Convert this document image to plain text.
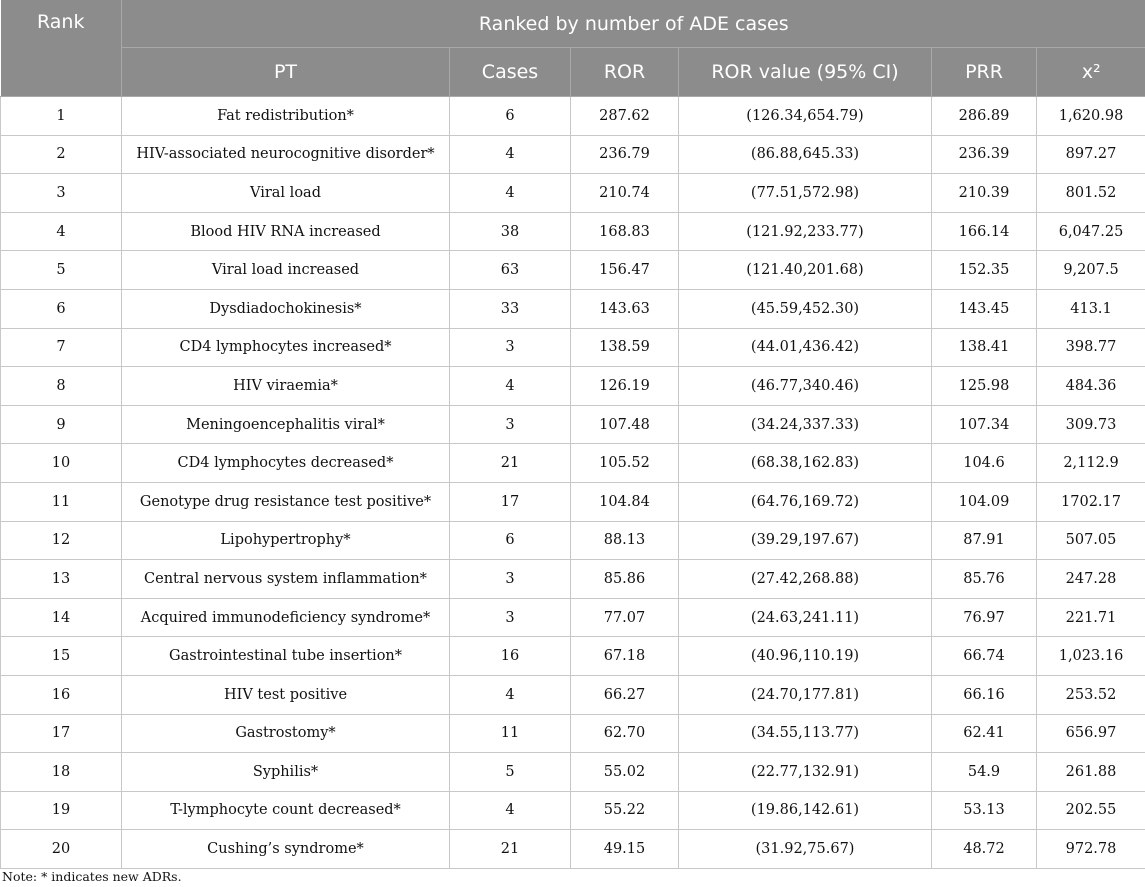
Rank	Ranked by number of ADE cases					
	PT	Cases	ROR	ROR value (95% CI)	PRR	x²
1	Fat redistribution*	6	287.62	(126.34,654.79)	286.89	1,620.98
2	HIV-associated neurocognitive disorder*	4	236.79	(86.88,645.33)	236.39	897.27
3	Viral load	4	210.74	(77.51,572.98)	210.39	801.52
4	Blood HIV RNA increased	38	168.83	(121.92,233.77)	166.14	6,047.25
5	Viral load increased	63	156.47	(121.40,201.68)	152.35	9,207.5
6	Dysdiadochokinesis*	33	143.63	(45.59,452.30)	143.45	413.1
7	CD4 lymphocytes increased*	3	138.59	(44.01,436.42)	138.41	398.77
8	HIV viraemia*	4	126.19	(46.77,340.46)	125.98	484.36
9	Meningoencephalitis viral*	3	107.48	(34.24,337.33)	107.34	309.73
10	CD4 lymphocytes decreased*	21	105.52	(68.38,162.83)	104.6	2,112.9
11	Genotype drug resistance test positive*	17	104.84	(64.76,169.72)	104.09	1702.17
12	Lipohypertrophy*	6	88.13	(39.29,197.67)	87.91	507.05
13	Central nervous system inflammation*	3	85.86	(27.42,268.88)	85.76	247.28
14	Acquired immunodeficiency syndrome*	3	77.07	(24.63,241.11)	76.97	221.71
15	Gastrointestinal tube insertion*	16	67.18	(40.96,110.19)	66.74	1,023.16
16	HIV test positive	4	66.27	(24.70,177.81)	66.16	253.52
17	Gastrostomy*	11	62.70	(34.55,113.77)	62.41	656.97
18	Syphilis*	5	55.02	(22.77,132.91)	54.9	261.88
19	T-lymphocyte count decreased*	4	55.22	(19.86,142.61)	53.13	202.55
20	Cushing’s syndrome*	21	49.15	(31.92,75.67)	48.72	972.78
Note: * indicates new ADRs.
